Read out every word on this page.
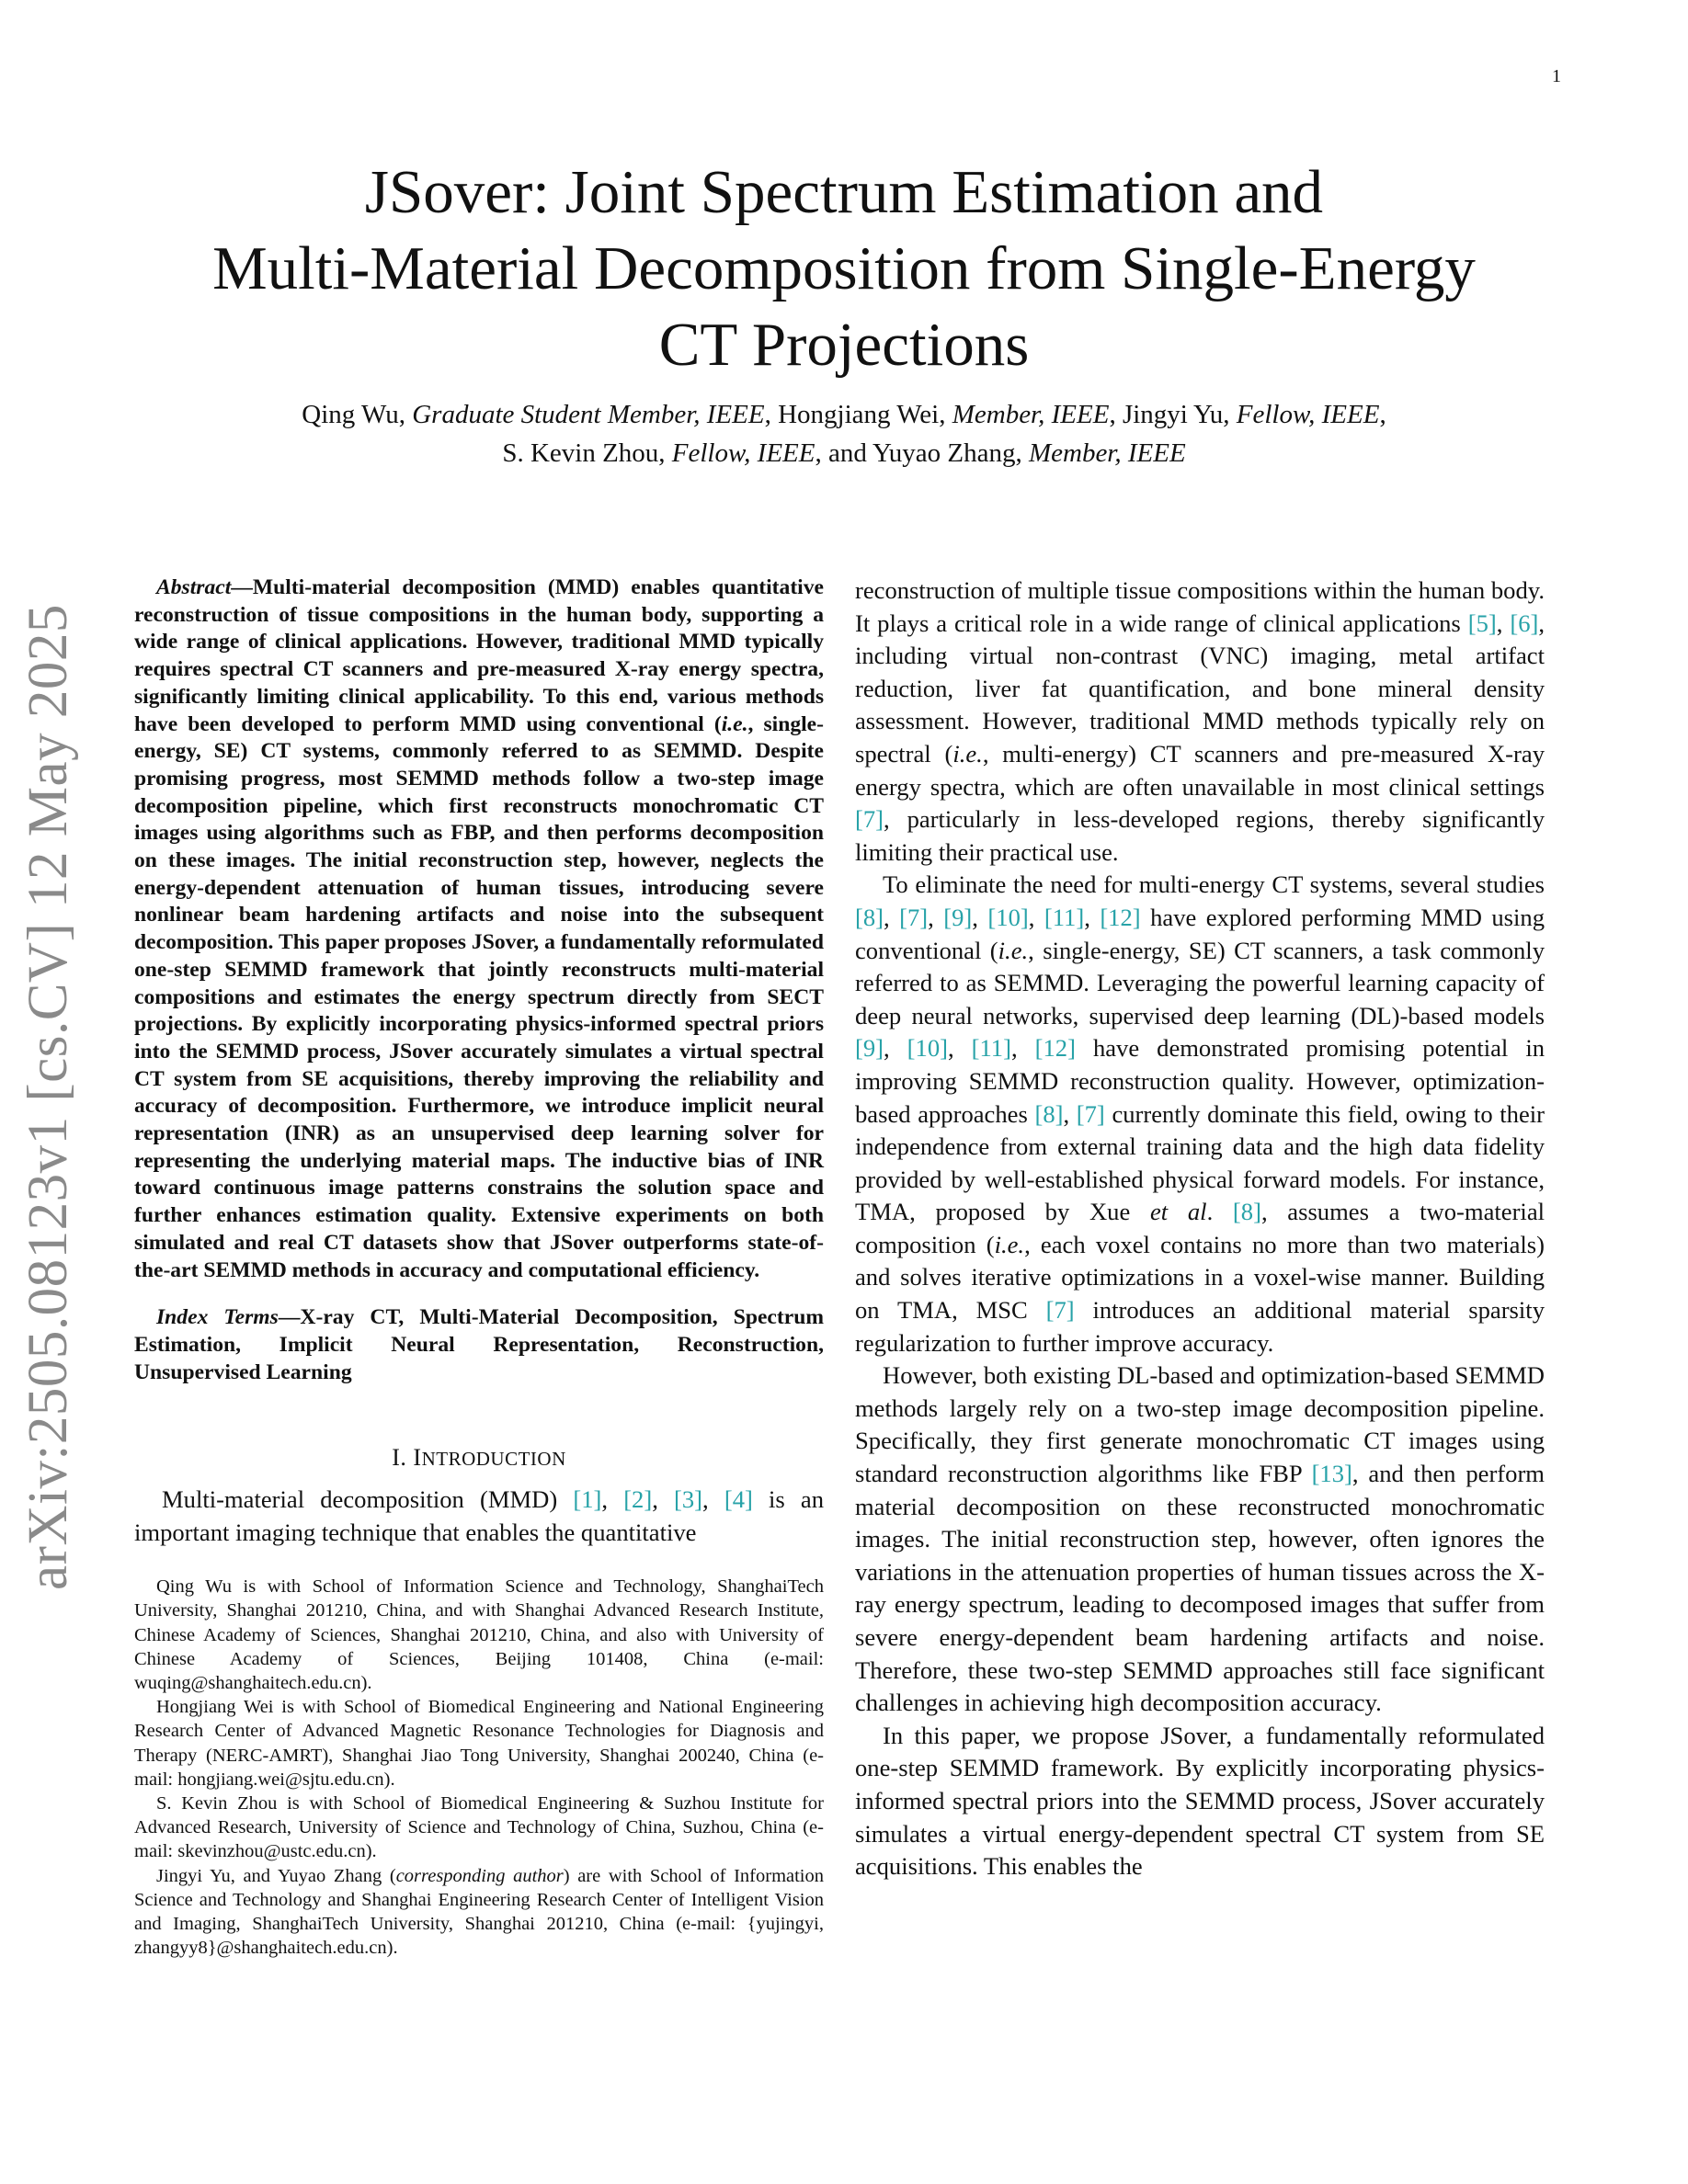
1
arXiv:2505.08123v1 [cs.CV] 12 May 2025
JSover: Joint Spectrum Estimation and
Multi-Material Decomposition from Single-Energy
CT Projections
Qing Wu, Graduate Student Member, IEEE, Hongjiang Wei, Member, IEEE, Jingyi Yu, Fellow, IEEE,
S. Kevin Zhou, Fellow, IEEE, and Yuyao Zhang, Member, IEEE

Abstract—Multi-material decomposition (MMD) enables quantitative reconstruction of tissue compositions in the human body, supporting a wide range of clinical applications. However, traditional MMD typically requires spectral CT scanners and pre-measured X-ray energy spectra, significantly limiting clinical applicability. To this end, various methods have been developed to perform MMD using conventional (i.e., single-energy, SE) CT systems, commonly referred to as SEMMD. Despite promising progress, most SEMMD methods follow a two-step image decomposition pipeline, which first reconstructs monochromatic CT images using algorithms such as FBP, and then performs decomposition on these images. The initial reconstruction step, however, neglects the energy-dependent attenuation of human tissues, introducing severe nonlinear beam hardening artifacts and noise into the subsequent decomposition. This paper proposes JSover, a fundamentally reformulated one-step SEMMD framework that jointly reconstructs multi-material compositions and estimates the energy spectrum directly from SECT projections. By explicitly incorporating physics-informed spectral priors into the SEMMD process, JSover accurately simulates a virtual spectral CT system from SE acquisitions, thereby improving the reliability and accuracy of decomposition. Furthermore, we introduce implicit neural representation (INR) as an unsupervised deep learning solver for representing the underlying material maps. The inductive bias of INR toward continuous image patterns constrains the solution space and further enhances estimation quality. Extensive experiments on both simulated and real CT datasets show that JSover outperforms state-of-the-art SEMMD methods in accuracy and computational efficiency.

Index Terms—X-ray CT, Multi-Material Decomposition, Spectrum Estimation, Implicit Neural Representation, Reconstruction, Unsupervised Learning

I. INTRODUCTION

Multi-material decomposition (MMD) [1], [2], [3], [4] is an important imaging technique that enables the quantitative

Qing Wu is with School of Information Science and Technology, ShanghaiTech University, Shanghai 201210, China, and with Shanghai Advanced Research Institute, Chinese Academy of Sciences, Shanghai 201210, China, and also with University of Chinese Academy of Sciences, Beijing 101408, China (e-mail: wuqing@shanghaitech.edu.cn).

Hongjiang Wei is with School of Biomedical Engineering and National Engineering Research Center of Advanced Magnetic Resonance Technologies for Diagnosis and Therapy (NERC-AMRT), Shanghai Jiao Tong University, Shanghai 200240, China (e-mail: hongjiang.wei@sjtu.edu.cn).

S. Kevin Zhou is with School of Biomedical Engineering & Suzhou Institute for Advanced Research, University of Science and Technology of China, Suzhou, China (e-mail: skevinzhou@ustc.edu.cn).

Jingyi Yu, and Yuyao Zhang (corresponding author) are with School of Information Science and Technology and Shanghai Engineering Research Center of Intelligent Vision and Imaging, ShanghaiTech University, Shanghai 201210, China (e-mail: {yujingyi, zhangyy8}@shanghaitech.edu.cn).

reconstruction of multiple tissue compositions within the human body. It plays a critical role in a wide range of clinical applications [5], [6], including virtual non-contrast (VNC) imaging, metal artifact reduction, liver fat quantification, and bone mineral density assessment. However, traditional MMD methods typically rely on spectral (i.e., multi-energy) CT scanners and pre-measured X-ray energy spectra, which are often unavailable in most clinical settings [7], particularly in less-developed regions, thereby significantly limiting their practical use.

To eliminate the need for multi-energy CT systems, several studies [8], [7], [9], [10], [11], [12] have explored performing MMD using conventional (i.e., single-energy, SE) CT scanners, a task commonly referred to as SEMMD. Leveraging the powerful learning capacity of deep neural networks, supervised deep learning (DL)-based models [9], [10], [11], [12] have demonstrated promising potential in improving SEMMD reconstruction quality. However, optimization-based approaches [8], [7] currently dominate this field, owing to their independence from external training data and the high data fidelity provided by well-established physical forward models. For instance, TMA, proposed by Xue et al. [8], assumes a two-material composition (i.e., each voxel contains no more than two materials) and solves iterative optimizations in a voxel-wise manner. Building on TMA, MSC [7] introduces an additional material sparsity regularization to further improve accuracy.

However, both existing DL-based and optimization-based SEMMD methods largely rely on a two-step image decomposition pipeline. Specifically, they first generate monochromatic CT images using standard reconstruction algorithms like FBP [13], and then perform material decomposition on these reconstructed monochromatic images. The initial reconstruction step, however, often ignores the variations in the attenuation properties of human tissues across the X-ray energy spectrum, leading to decomposed images that suffer from severe energy-dependent beam hardening artifacts and noise. Therefore, these two-step SEMMD approaches still face significant challenges in achieving high decomposition accuracy.

In this paper, we propose JSover, a fundamentally reformulated one-step SEMMD framework. By explicitly incorporating physics-informed spectral priors into the SEMMD process, JSover accurately simulates a virtual energy-dependent spectral CT system from SE acquisitions. This enables the
